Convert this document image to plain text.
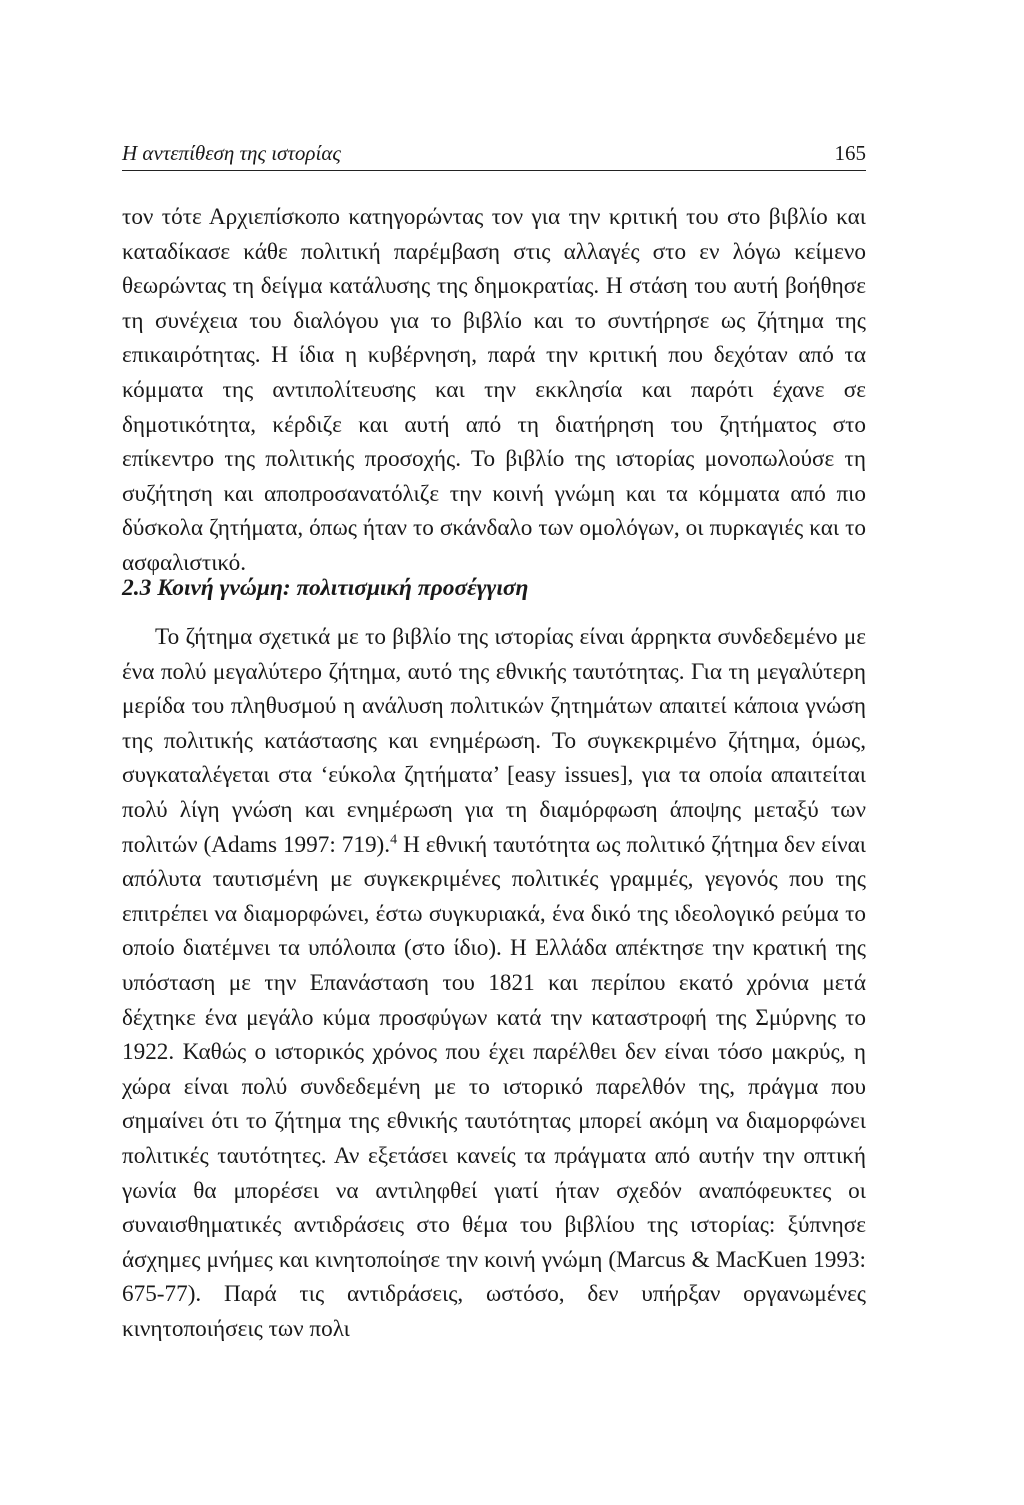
Η αντεπίθεση της ιστορίας	165

τον τότε Αρχιεπίσκοπο κατηγορώντας τον για την κριτική του στο βιβλίο και καταδίκασε κάθε πολιτική παρέμβαση στις αλλαγές στο εν λόγω κείμενο θεωρώντας τη δείγμα κατάλυσης της δημοκρατίας. Η στάση του αυτή βοήθησε τη συνέχεια του διαλόγου για το βιβλίο και το συντήρησε ως ζήτημα της επικαιρότητας. Η ίδια η κυβέρνηση, παρά την κριτική που δεχόταν από τα κόμματα της αντιπολίτευσης και την εκκλησία και παρότι έχανε σε δημοτικότητα, κέρδιζε και αυτή από τη διατήρηση του ζητήματος στο επίκεντρο της πολιτικής προσοχής. Το βιβλίο της ιστορίας μονοπωλούσε τη συζήτηση και αποπροσανατόλιζε την κοινή γνώμη και τα κόμματα από πιο δύσκολα ζητήματα, όπως ήταν το σκάνδαλο των ομολόγων, οι πυρκαγιές και το ασφαλιστικό.

2.3 Κοινή γνώμη: πολιτισμική προσέγγιση

Το ζήτημα σχετικά με το βιβλίο της ιστορίας είναι άρρηκτα συνδεδεμένο με ένα πολύ μεγαλύτερο ζήτημα, αυτό της εθνικής ταυτότητας. Για τη μεγαλύτερη μερίδα του πληθυσμού η ανάλυση πολιτικών ζητημάτων απαιτεί κάποια γνώση της πολιτικής κατάστασης και ενημέρωση. Το συγκεκριμένο ζήτημα, όμως, συγκαταλέγεται στα ‘εύκολα ζητήματα’ [easy issues], για τα οποία απαιτείται πολύ λίγη γνώση και ενημέρωση για τη διαμόρφωση άποψης μεταξύ των πολιτών (Adams 1997: 719).$^4$ Η εθνική ταυτότητα ως πολιτικό ζήτημα δεν είναι απόλυτα ταυτισμένη με συγκεκριμένες πολιτικές γραμμές, γεγονός που της επιτρέπει να διαμορφώνει, έστω συγκυριακά, ένα δικό της ιδεολογικό ρεύμα το οποίο διατέμνει τα υπόλοιπα (στο ίδιο). Η Ελλάδα απέκτησε την κρατική της υπόσταση με την Επανάσταση του 1821 και περίπου εκατό χρόνια μετά δέχτηκε ένα μεγάλο κύμα προσφύγων κατά την καταστροφή της Σμύρνης το 1922. Καθώς ο ιστορικός χρόνος που έχει παρέλθει δεν είναι τόσο μακρύς, η χώρα είναι πολύ συνδεδεμένη με το ιστορικό παρελθόν της, πράγμα που σημαίνει ότι το ζήτημα της εθνικής ταυτότητας μπορεί ακόμη να διαμορφώνει πολιτικές ταυτότητες. Αν εξετάσει κανείς τα πράγματα από αυτήν την οπτική γωνία θα μπορέσει να αντιληφθεί γιατί ήταν σχεδόν αναπόφευκτες οι συναισθηματικές αντιδράσεις στο θέμα του βιβλίου της ιστορίας: ξύπνησε άσχημες μνήμες και κινητοποίησε την κοινή γνώμη (Marcus & MacKuen 1993: 675-77). Παρά τις αντιδράσεις, ωστόσο, δεν υπήρξαν οργανωμένες κινητοποιήσεις των πολι
